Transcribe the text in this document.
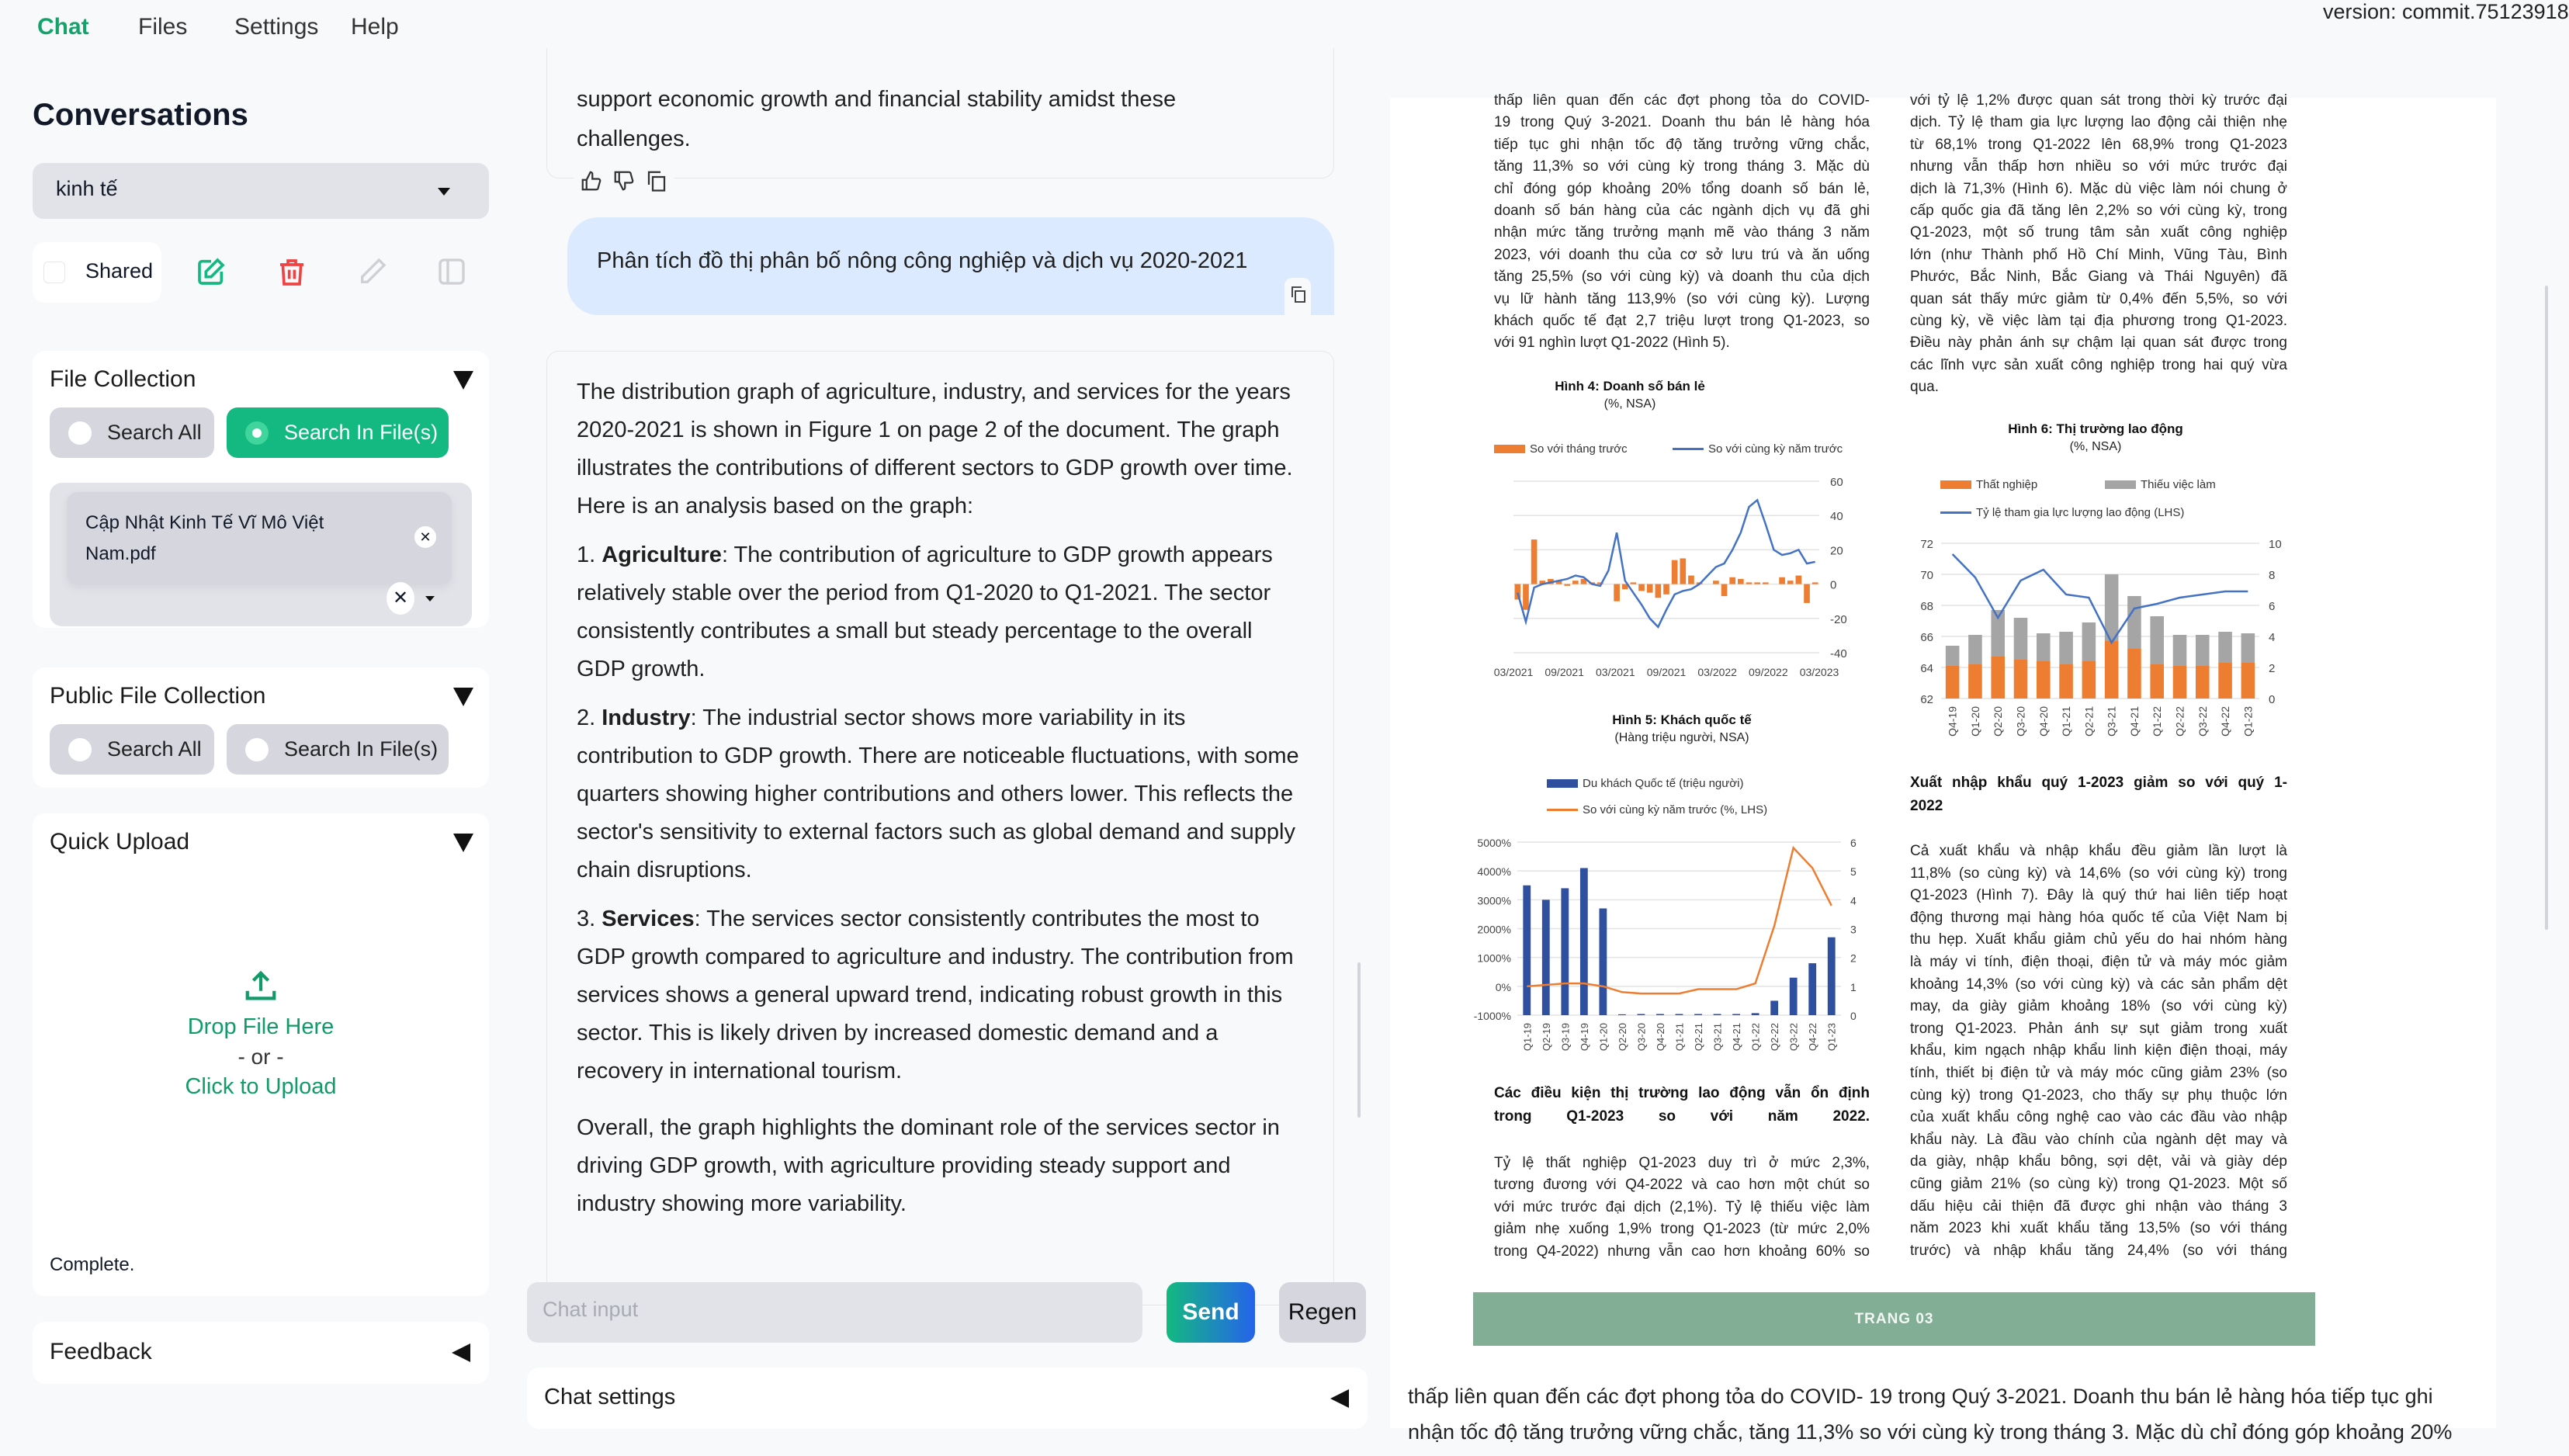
Chat Files Settings Help
version: commit.75123918
Conversations
kinh tế
Shared
File Collection
Search All	Search In File(s)
Cập Nhật Kinh Tế Vĩ Mô Việt Nam.pdf
✕
✕
Public File Collection
Search All	Search In File(s)
Quick Upload
Drop File Here
- or -
Click to Upload
Complete.
Feedback
support economic growth and financial stability amidst these
challenges.
Phân tích đồ thị phân bố nông công nghiệp và dịch vụ 2020-2021

The distribution graph of agriculture, industry, and services for the years 2020-2021 is shown in Figure 1 on page 2 of the document. The graph illustrates the contributions of different sectors to GDP growth over time. Here is an analysis based on the graph:

1. Agriculture: The contribution of agriculture to GDP growth appears relatively stable over the period from Q1-2020 to Q1-2021. The sector consistently contributes a small but steady percentage to the overall GDP growth.

2. Industry: The industrial sector shows more variability in its contribution to GDP growth. There are noticeable fluctuations, with some quarters showing higher contributions and others lower. This reflects the sector's sensitivity to external factors such as global demand and supply chain disruptions.

3. Services: The services sector consistently contributes the most to GDP growth compared to agriculture and industry. The contribution from services shows a general upward trend, indicating robust growth in this sector. This is likely driven by increased domestic demand and a recovery in international tourism.

Overall, the graph highlights the dominant role of the services sector in driving GDP growth, with agriculture providing steady support and industry showing more variability.

Chat input	Send	Regen
Chat settings
thấp liên quan đến các đợt phong tỏa do COVID-
19 trong Quý 3-2021. Doanh thu bán lẻ hàng hóa
tiếp tục ghi nhận tốc độ tăng trưởng vững chắc,
tăng 11,3% so với cùng kỳ trong tháng 3. Mặc dù
chỉ đóng góp khoảng 20% tổng doanh số bán lẻ,
doanh số bán hàng của các ngành dịch vụ đã ghi
nhận mức tăng trưởng mạnh mẽ vào tháng 3 năm
2023, với doanh thu của cơ sở lưu trú và ăn uống
tăng 25,5% (so với cùng kỳ) và doanh thu của dịch
vụ lữ hành tăng 113,9% (so với cùng kỳ). Lượng
khách quốc tế đạt 2,7 triệu lượt trong Q1-2023, so
với 91 nghìn lượt Q1-2022 (Hình 5).
với tỷ lệ 1,2% được quan sát trong thời kỳ trước đại
dịch. Tỷ lệ tham gia lực lượng lao động cải thiện nhẹ
từ 68,1% trong Q1-2022 lên 68,9% trong Q1-2023
nhưng vẫn thấp hơn nhiều so với mức trước đại
dịch là 71,3% (Hình 6). Mặc dù việc làm nói chung ở
cấp quốc gia đã tăng lên 2,2% so với cùng kỳ, trong
Q1-2023, một số trung tâm sản xuất công nghiệp
lớn (như Thành phố Hồ Chí Minh, Vũng Tàu, Bình
Phước, Bắc Ninh, Bắc Giang và Thái Nguyên) đã
quan sát thấy mức giảm từ 0,4% đến 5,5%, so với
cùng kỳ, về việc làm tại địa phương trong Q1-2023.
Điều này phản ánh sự chậm lại quan sát được trong
các lĩnh vực sản xuất công nghiệp trong hai quý vừa
qua.
Xuất nhập khẩu quý 1-2023 giảm so với quý 1-
2022
Cả xuất khẩu và nhập khẩu đều giảm lần lượt là
11,8% (so cùng kỳ) và 14,6% (so với cùng kỳ) trong
Q1-2023 (Hình 7). Đây là quý thứ hai liên tiếp hoạt
động thương mại hàng hóa quốc tế của Việt Nam bị
thu hẹp. Xuất khẩu giảm chủ yếu do hai nhóm hàng
là máy vi tính, điện thoại, điện tử và máy móc giảm
khoảng 14,3% (so với cùng kỳ) và các sản phẩm dệt
may, da giày giảm khoảng 18% (so với cùng kỳ)
trong Q1-2023. Phản ánh sự sụt giảm trong xuất
khẩu, kim ngạch nhập khẩu linh kiện điện thoại, máy
tính, thiết bị điện tử và máy móc cũng giảm 23% (so
cùng kỳ) trong Q1-2023, cho thấy sự phụ thuộc lớn
của xuất khẩu công nghệ cao vào các đầu vào nhập
khẩu này. Là đầu vào chính của ngành dệt may và
da giày, nhập khẩu bông, sợi dệt, vải và giày dép
cũng giảm 21% (so cùng kỳ) trong Q1-2023. Một số
dấu hiệu cải thiện đã được ghi nhận vào tháng 3
năm 2023 khi xuất khẩu tăng 13,5% (so với tháng
trước) và nhập khẩu tăng 24,4% (so với tháng
Các điều kiện thị trường lao động vẫn ổn định
trong Q1-2023 so với năm 2022.
Tỷ lệ thất nghiệp Q1-2023 duy trì ở mức 2,3%,
tương đương với Q4-2022 và cao hơn một chút so
với mức trước đại dịch (2,1%). Tỷ lệ thiếu việc làm
giảm nhẹ xuống 1,9% trong Q1-2023 (từ mức 2,0%
trong Q4-2022) nhưng vẫn cao hơn khoảng 60% so
Hình 4: Doanh số bán lẻ
(%, NSA)
So với tháng trước	So với cùng kỳ năm trước
60
40
20
0
-20
-40
03/2021 09/2021 03/2021 09/2021 03/2022 09/2022 03/2023
Hình 6: Thị trường lao động
(%, NSA)
Thất nghiệp	Thiếu việc làm
Tỷ lệ tham gia lực lượng lao động (LHS)
72
70
68
66
64
62
10
8
6
4
2
0
Q4-19 Q1-20 Q2-20 Q3-20 Q4-20 Q1-21 Q2-21 Q3-21 Q4-21 Q1-22 Q2-22 Q3-22 Q4-22 Q1-23
Hình 5: Khách quốc tế
(Hàng triệu người, NSA)
Du khách Quốc tế (triệu người)
So với cùng kỳ năm trước (%, LHS)
5000%
4000%
3000%
2000%
1000%
0%
-1000%
6
5
4
3
2
1
0
Q1-19 Q2-19 Q3-19 Q4-19 Q1-20 Q2-20 Q3-20 Q4-20 Q1-21 Q2-21 Q3-21 Q4-21 Q1-22 Q2-22 Q3-22 Q4-22 Q1-23
TRANG 03
thấp liên quan đến các đợt phong tỏa do COVID- 19 trong Quý 3-2021. Doanh thu bán lẻ hàng hóa tiếp tục ghi
nhận tốc độ tăng trưởng vững chắc, tăng 11,3% so với cùng kỳ trong tháng 3. Mặc dù chỉ đóng góp khoảng 20%
